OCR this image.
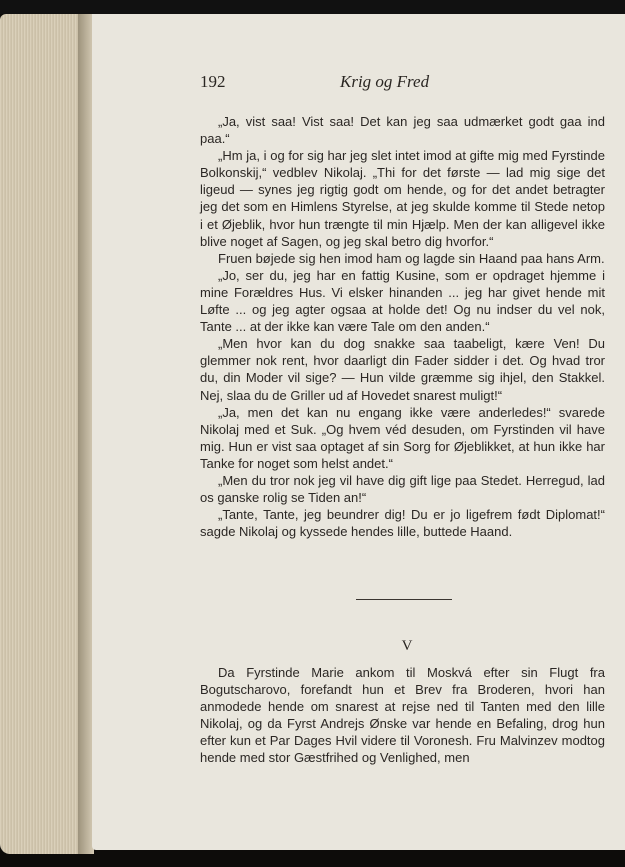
192	Krig og Fred

„Ja, vist saa! Vist saa! Det kan jeg saa udmærket godt gaa ind paa.“

„Hm ja, i og for sig har jeg slet intet imod at gifte mig med Fyrstinde Bolkonskij,“ vedblev Nikolaj. „Thi for det første — lad mig sige det ligeud — synes jeg rigtig godt om hende, og for det andet betragter jeg det som en Himlens Styrelse, at jeg skulde komme til Stede netop i et Øjeblik, hvor hun trængte til min Hjælp. Men der kan alligevel ikke blive noget af Sagen, og jeg skal betro dig hvorfor.“

Fruen bøjede sig hen imod ham og lagde sin Haand paa hans Arm.

„Jo, ser du, jeg har en fattig Kusine, som er opdraget hjemme i mine Forældres Hus. Vi elsker hinanden ... jeg har givet hende mit Løfte ... og jeg agter ogsaa at holde det! Og nu indser du vel nok, Tante ... at der ikke kan være Tale om den anden.“

„Men hvor kan du dog snakke saa taabeligt, kære Ven! Du glemmer nok rent, hvor daarligt din Fader sidder i det. Og hvad tror du, din Moder vil sige? — Hun vilde græmme sig ihjel, den Stakkel. Nej, slaa du de Griller ud af Hovedet snarest muligt!“

„Ja, men det kan nu engang ikke være anderledes!“ svarede Nikolaj med et Suk. „Og hvem véd desuden, om Fyrstinden vil have mig. Hun er vist saa optaget af sin Sorg for Øjeblikket, at hun ikke har Tanke for noget som helst andet.“

„Men du tror nok jeg vil have dig gift lige paa Stedet. Herregud, lad os ganske rolig se Tiden an!“

„Tante, Tante, jeg beundrer dig! Du er jo ligefrem født Diplomat!“ sagde Nikolaj og kyssede hendes lille, buttede Haand.

V

Da Fyrstinde Marie ankom til Moskvá efter sin Flugt fra Bogutscharovo, forefandt hun et Brev fra Broderen, hvori han anmodede hende om snarest at rejse ned til Tanten med den lille Nikolaj, og da Fyrst Andrejs Ønske var hende en Befaling, drog hun efter kun et Par Dages Hvil videre til Voronesh. Fru Malvinzev modtog hende med stor Gæstfrihed og Venlighed, men
